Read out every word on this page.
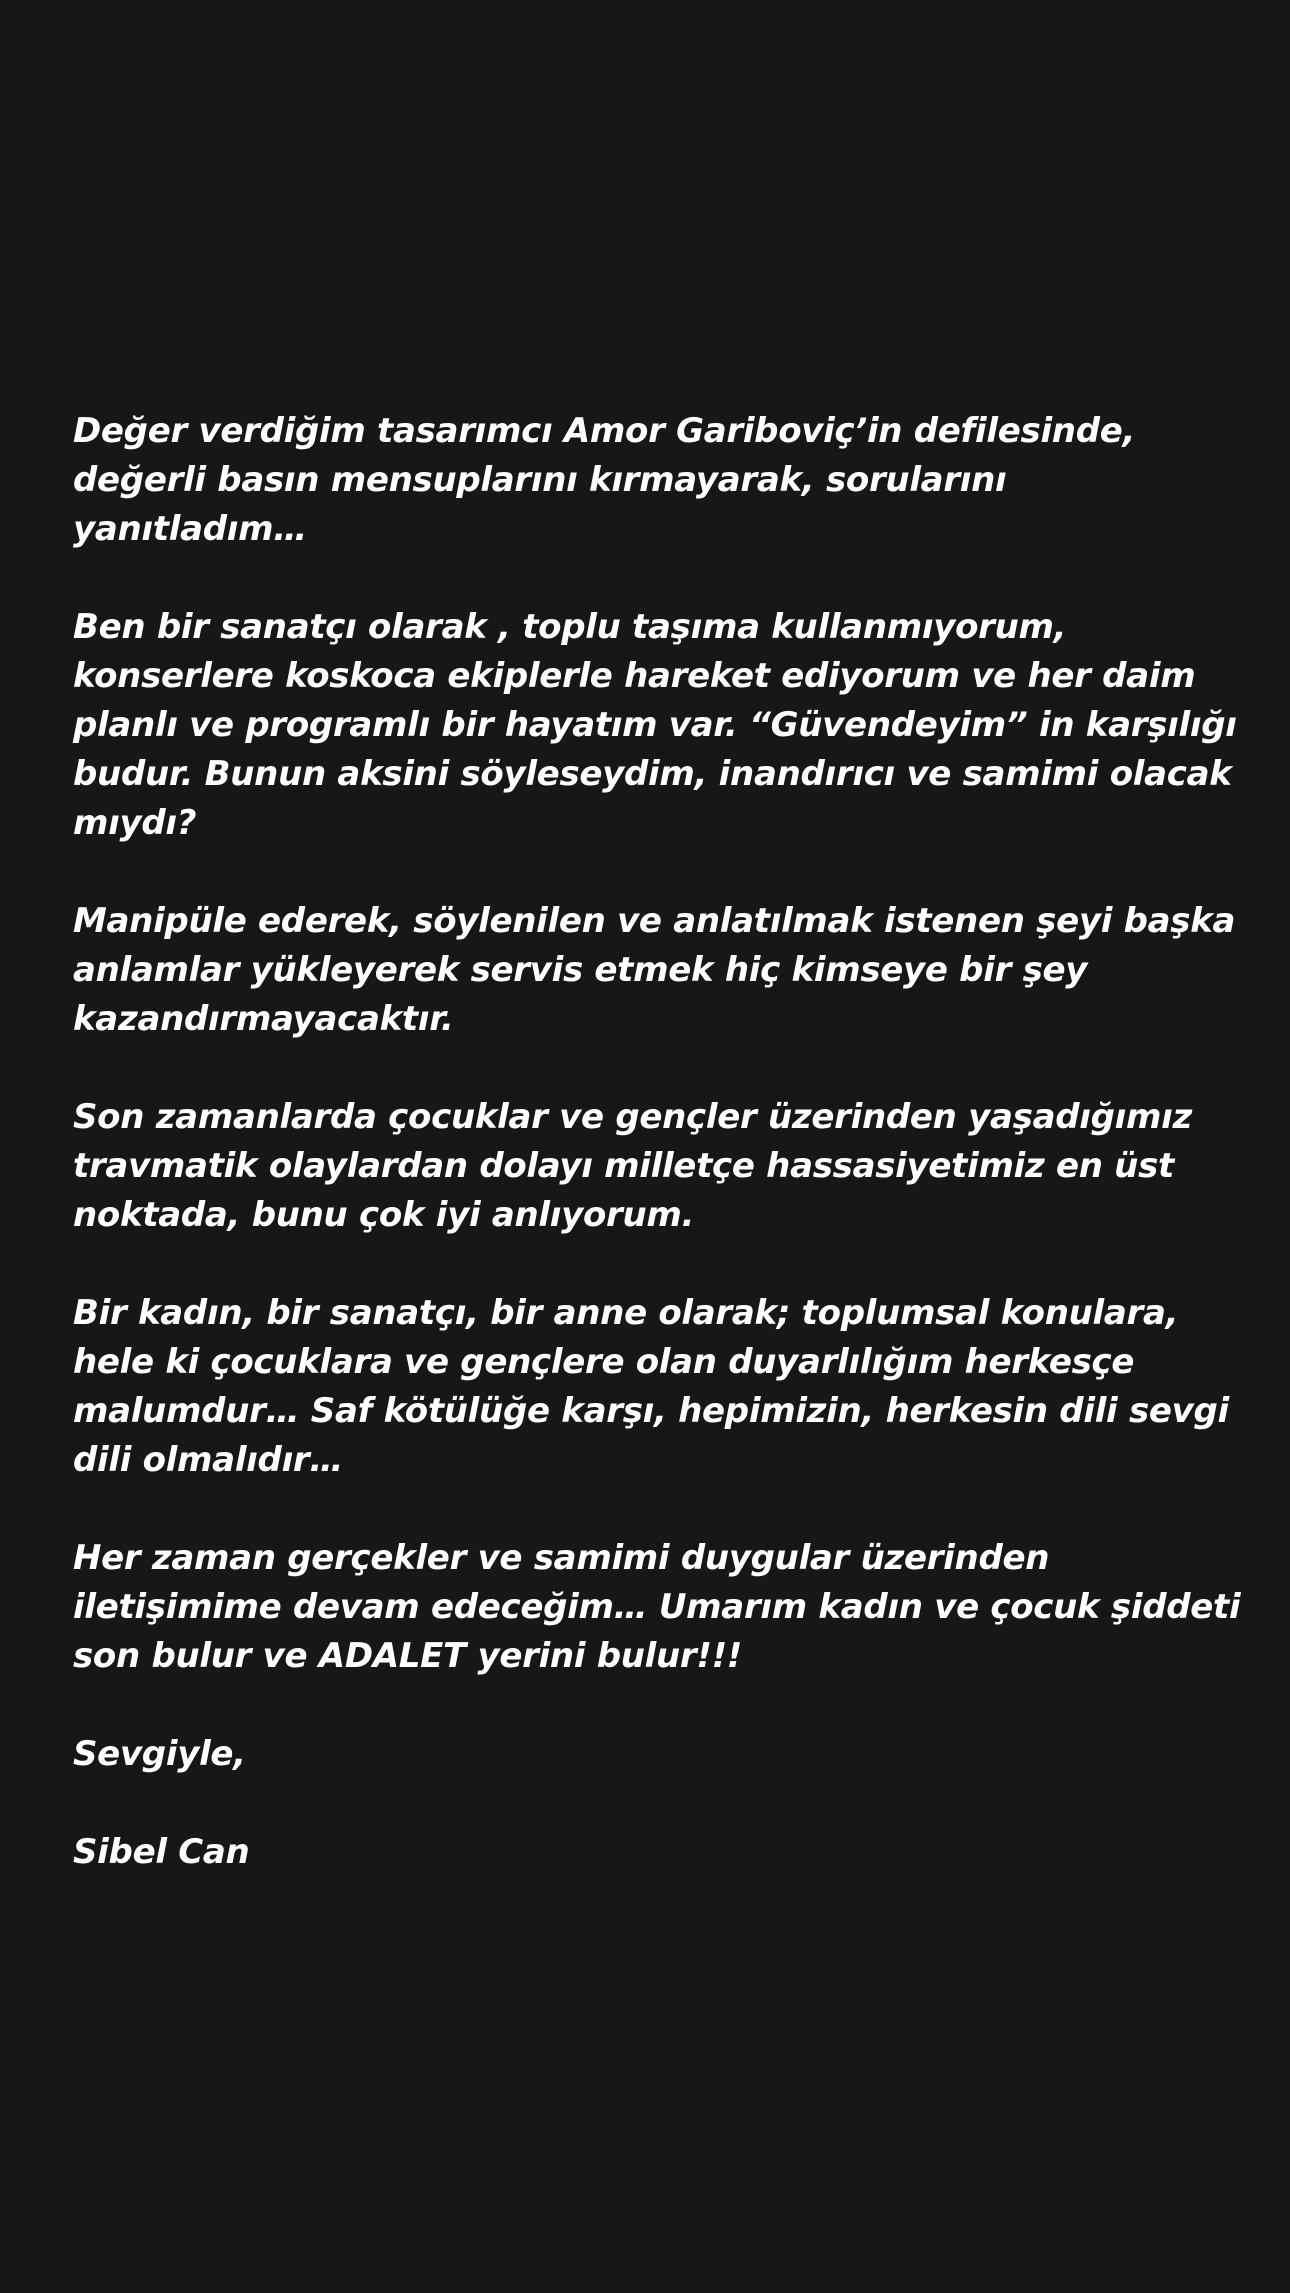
Değer verdiğim tasarımcı Amor Gariboviç’in defilesinde,
değerli basın mensuplarını kırmayarak, sorularını
yanıtladım…
Ben bir sanatçı olarak , toplu taşıma kullanmıyorum,
konserlere koskoca ekiplerle hareket ediyorum ve her daim
planlı ve programlı bir hayatım var. “Güvendeyim” in karşılığı
budur. Bunun aksini söyleseydim, inandırıcı ve samimi olacak
mıydı?
Manipüle ederek, söylenilen ve anlatılmak istenen şeyi başka
anlamlar yükleyerek servis etmek hiç kimseye bir şey
kazandırmayacaktır.
Son zamanlarda çocuklar ve gençler üzerinden yaşadığımız
travmatik olaylardan dolayı milletçe hassasiyetimiz en üst
noktada, bunu çok iyi anlıyorum.
Bir kadın, bir sanatçı, bir anne olarak; toplumsal konulara,
hele ki çocuklara ve gençlere olan duyarlılığım herkesçe
malumdur… Saf kötülüğe karşı, hepimizin, herkesin dili sevgi
dili olmalıdır…
Her zaman gerçekler ve samimi duygular üzerinden
iletişimime devam edeceğim… Umarım kadın ve çocuk şiddeti
son bulur ve ADALET yerini bulur!!!
Sevgiyle,
Sibel Can
